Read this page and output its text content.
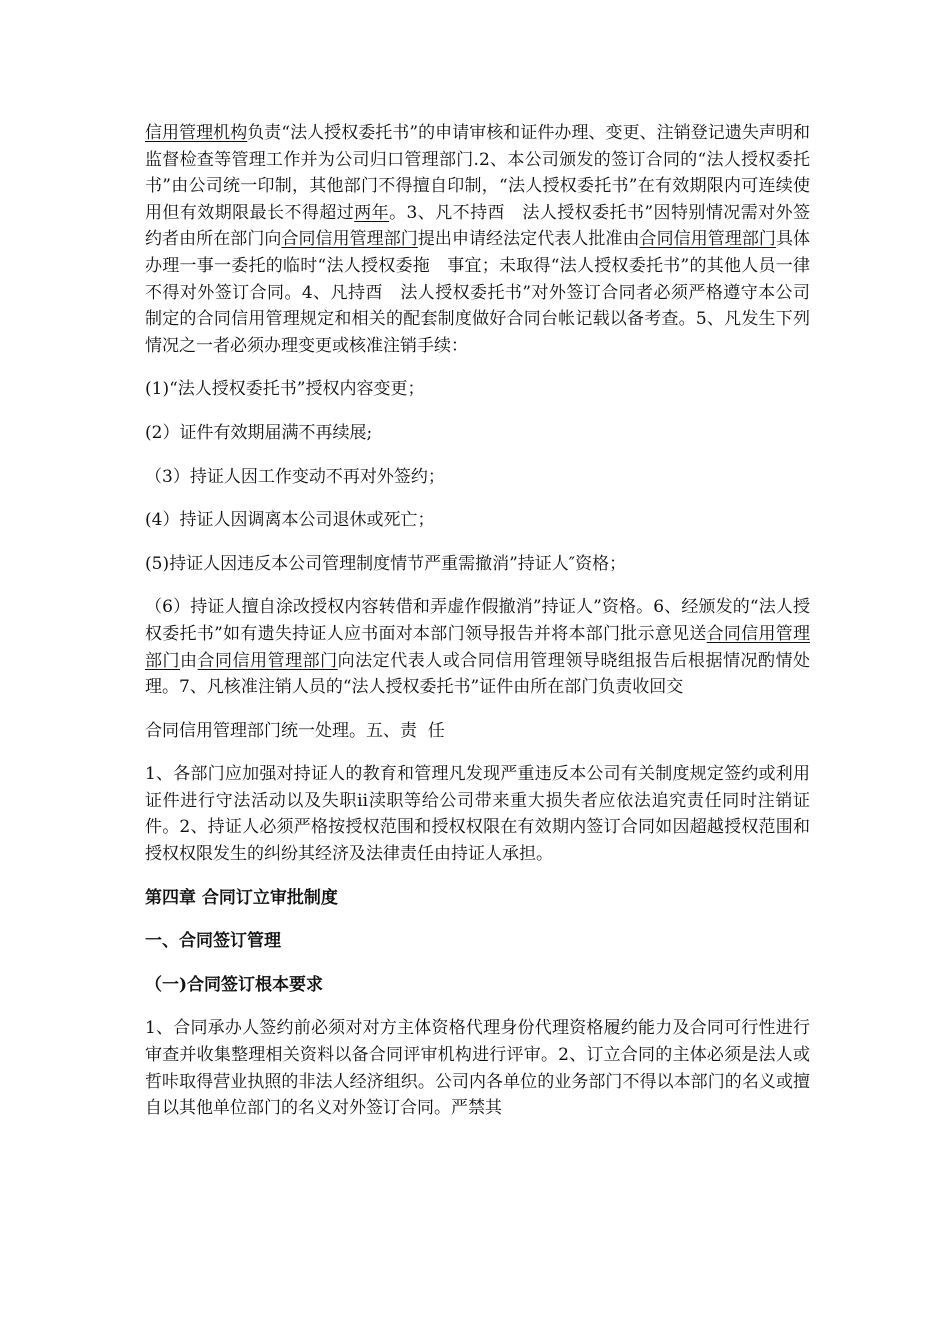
信用管理机构负责“法人授权委托书”的申请审核和证件办理、变更、注销登记遗失声明和监督检查等管理工作并为公司归口管理部门.2、本公司颁发的签订合同的“法人授权委托书”由公司统一印制，其他部门不得擅自印制，“法人授权委托书”在有效期限内可连续使用但有效期限最长不得超过两年。3、凡不持酉　法人授权委托书”因特别情况需对外签约者由所在部门向合同信用管理部门提出申请经法定代表人批准由合同信用管理部门具体办理一事一委托的临时“法人授权委拖　事宜；未取得“法人授权委托书”的其他人员一律不得对外签订合同。4、凡持酉　法人授权委托书”对外签订合同者必须严格遵守本公司制定的合同信用管理规定和相关的配套制度做好合同台帐记载以备考查。5、凡发生下列情况之一者必须办理变更或核准注销手续：

(1)“法人授权委托书”授权内容变更；

(2）证件有效期届满不再续展;

（3）持证人因工作变动不再对外签约；

(4）持证人因调离本公司退休或死亡；

(5)持证人因违反本公司管理制度情节严重需撤消”持证人″资格；

（6）持证人擅自涂改授权内容转借和弄虚作假撤消”持证人”资格。6、经颁发的“法人授权委托书”如有遗失持证人应书面对本部门领导报告并将本部门批示意见送合同信用管理部门由合同信用管理部门向法定代表人或合同信用管理领导晓组报告后根据情况酌情处理。7、凡核准注销人员的“法人授权委托书”证件由所在部门负责收回交

合同信用管理部门统一处理。五、责  任

1、各部门应加强对持证人的教育和管理凡发现严重违反本公司有关制度规定签约或利用证件进行守法活动以及失职ⅱ渎职等给公司带来重大损失者应依法追究责任同时注销证件。2、持证人必须严格按授权范围和授权权限在有效期内签订合同如因超越授权范围和授权权限发生的纠纷其经济及法律责任由持证人承担。

第四章 合同订立审批制度

一、合同签订管理

（一)合同签订根本要求

1、合同承办人签约前必须对对方主体资格代理身份代理资格履约能力及合同可行性进行审查并收集整理相关资料以备合同评审机构进行评审。2、订立合同的主体必须是法人或哲咔取得营业执照的非法人经济组织。公司内各单位的业务部门不得以本部门的名义或擅自以其他单位部门的名义对外签订合同。严禁其
